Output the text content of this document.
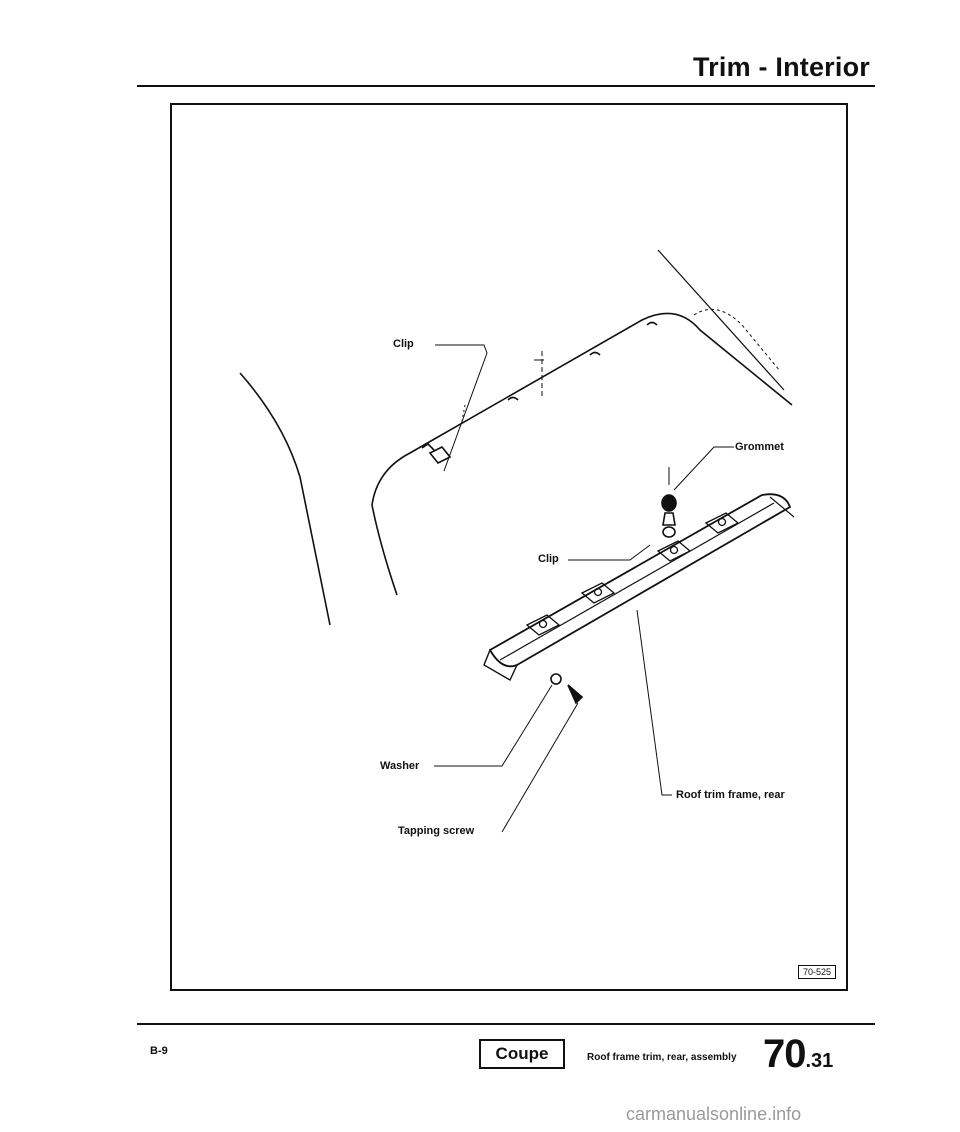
Trim - Interior
Clip
Grommet
Clip
Washer
Roof trim frame, rear
Tapping screw
70-525
B-9	Coupe	Roof frame trim, rear, assembly 70.31
carmanualsonline.info
